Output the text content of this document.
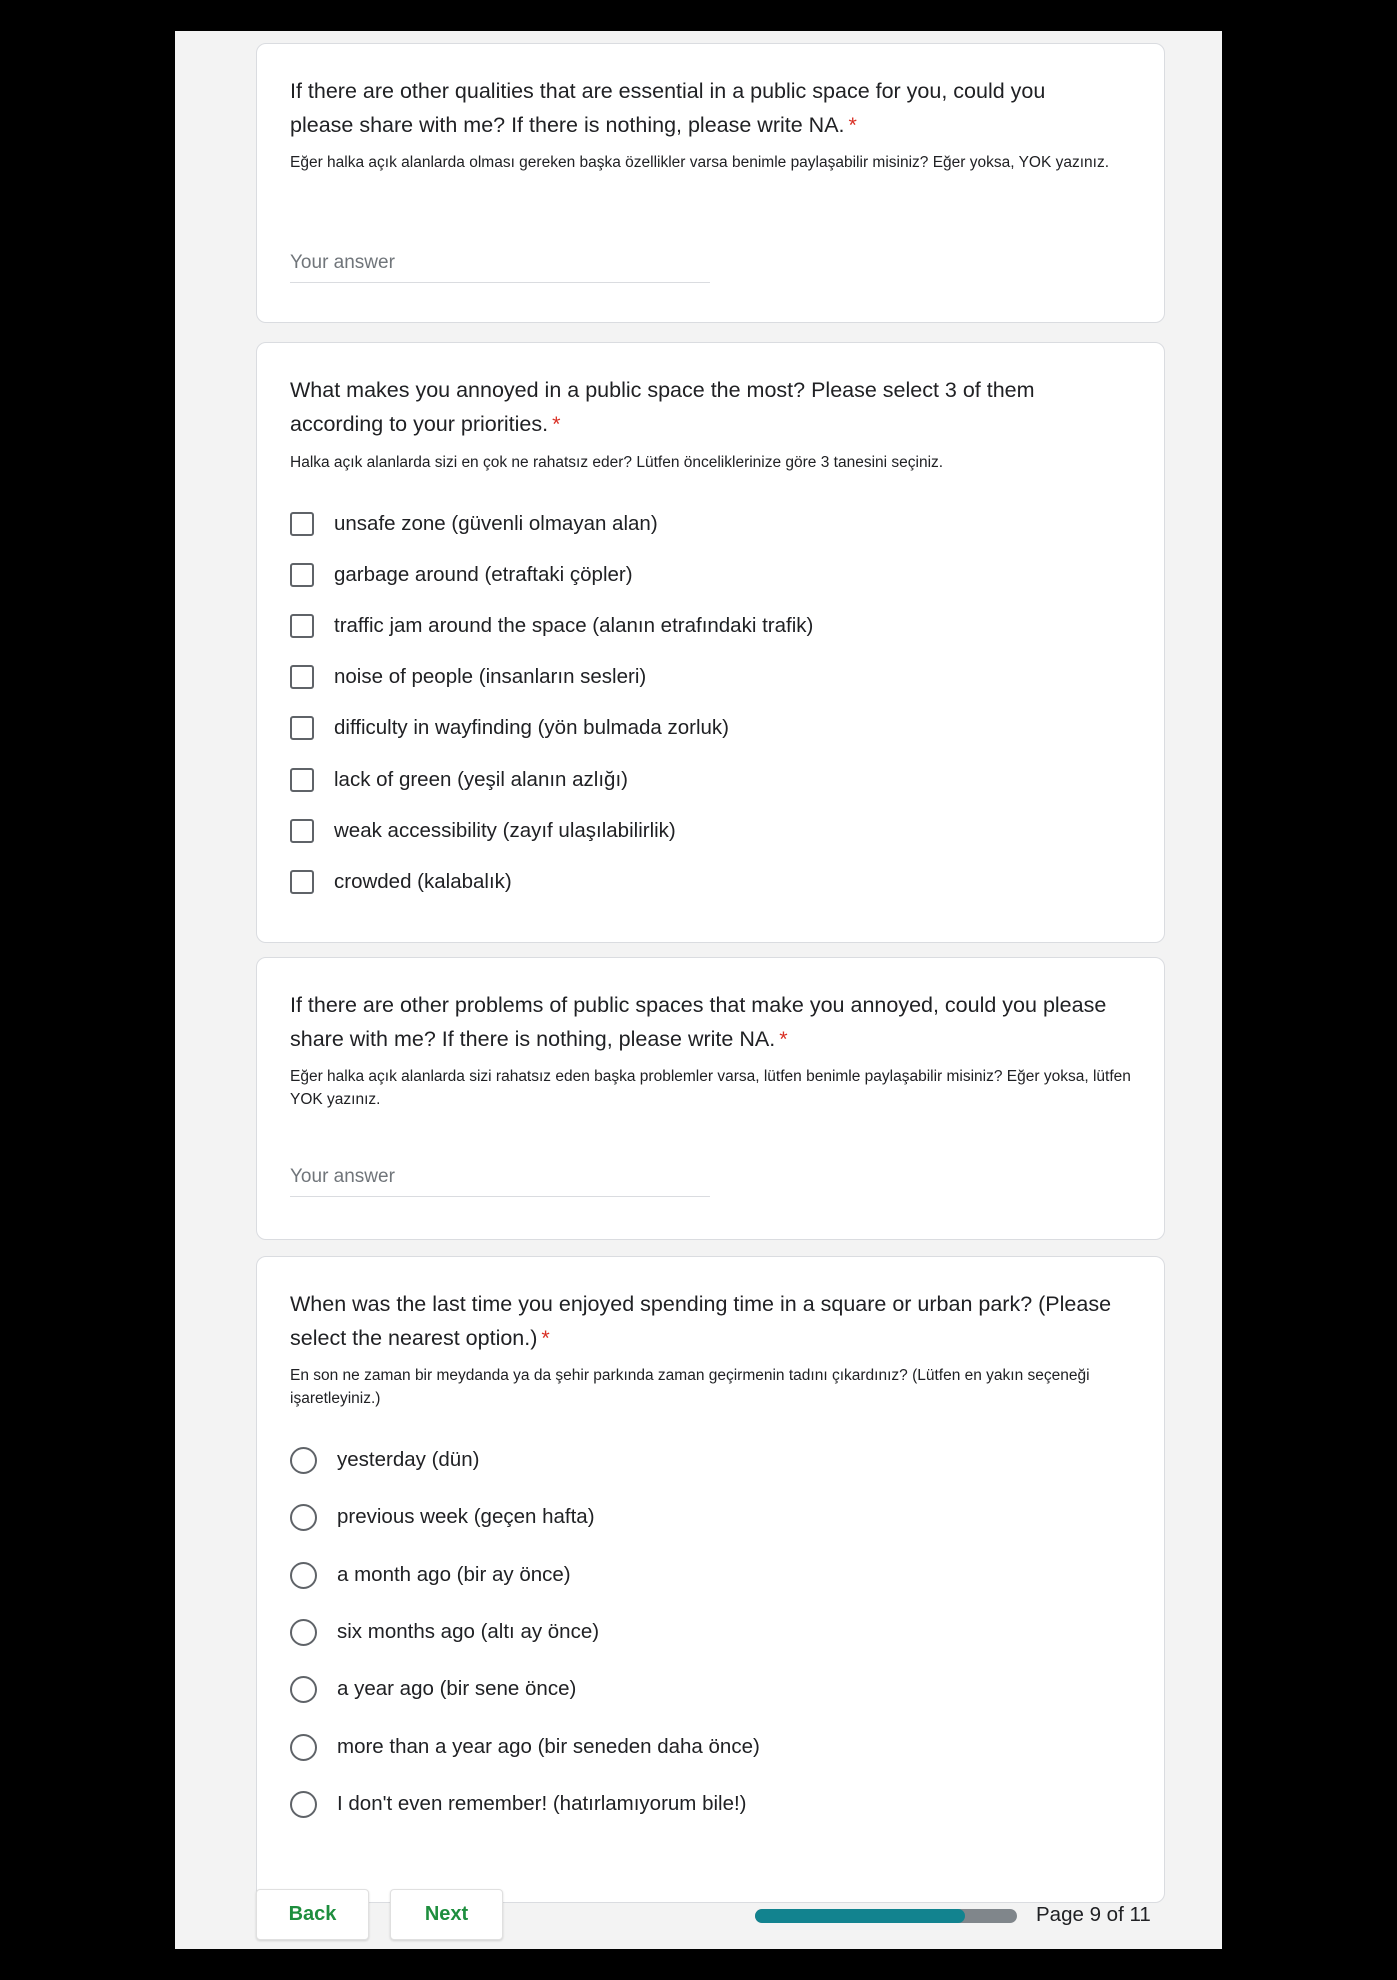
If there are other qualities that are essential in a public space for you, could you please share with me? If there is nothing, please write NA. *
Eğer halka açık alanlarda olması gereken başka özellikler varsa benimle paylaşabilir misiniz? Eğer yoksa, YOK yazınız.
Your answer
What makes you annoyed in a public space the most? Please select 3 of them according to your priorities. *
Halka açık alanlarda sizi en çok ne rahatsız eder? Lütfen önceliklerinize göre 3 tanesini seçiniz.
unsafe zone (güvenli olmayan alan)
garbage around (etraftaki çöpler)
traffic jam around the space (alanın etrafındaki trafik)
noise of people (insanların sesleri)
difficulty in wayfinding (yön bulmada zorluk)
lack of green (yeşil alanın azlığı)
weak accessibility (zayıf ulaşılabilirlik)
crowded (kalabalık)
If there are other problems of public spaces that make you annoyed, could you please share with me? If there is nothing, please write NA. *
Eğer halka açık alanlarda sizi rahatsız eden başka problemler varsa, lütfen benimle paylaşabilir misiniz? Eğer yoksa, lütfen YOK yazınız.
Your answer
When was the last time you enjoyed spending time in a square or urban park? (Please select the nearest option.) *
En son ne zaman bir meydanda ya da şehir parkında zaman geçirmenin tadını çıkardınız? (Lütfen en yakın seçeneği işaretleyiniz.)
yesterday (dün)
previous week (geçen hafta)
a month ago (bir ay önce)
six months ago (altı ay önce)
a year ago (bir sene önce)
more than a year ago (bir seneden daha önce)
I don't even remember! (hatırlamıyorum bile!)
Back	Next	Page 9 of 11
